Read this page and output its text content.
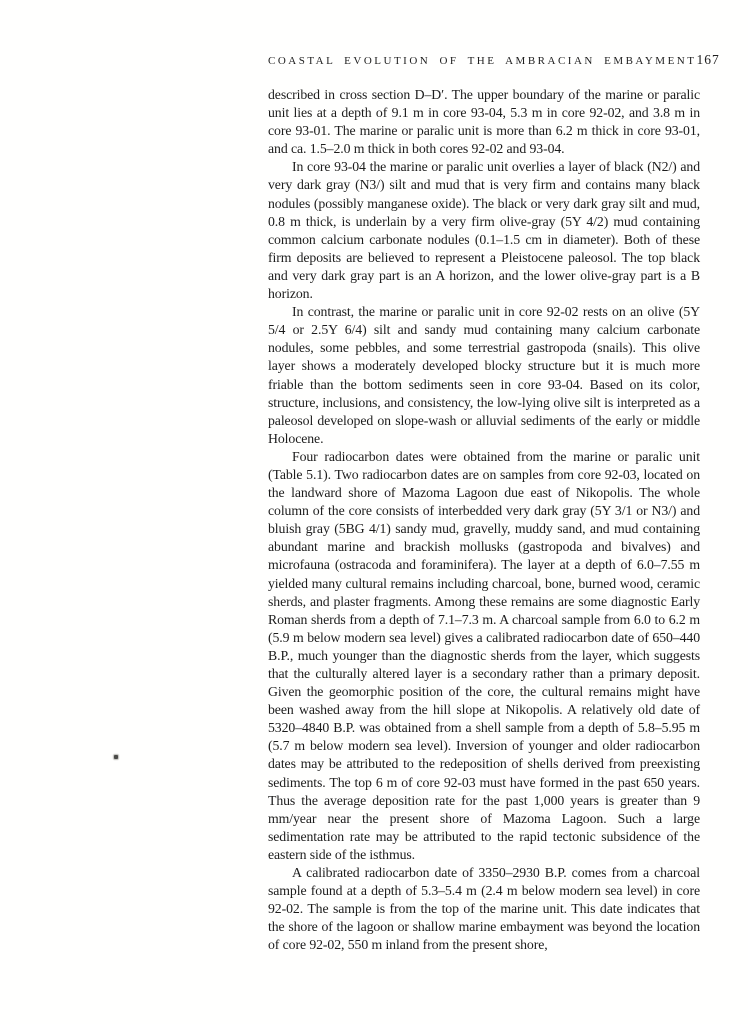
COASTAL EVOLUTION OF THE AMBRACIAN EMBAYMENT 167

described in cross section D–D′. The upper boundary of the marine or paralic unit lies at a depth of 9.1 m in core 93-04, 5.3 m in core 92-02, and 3.8 m in core 93-01. The marine or paralic unit is more than 6.2 m thick in core 93-01, and ca. 1.5–2.0 m thick in both cores 92-02 and 93-04.

In core 93-04 the marine or paralic unit overlies a layer of black (N2/) and very dark gray (N3/) silt and mud that is very firm and contains many black nodules (possibly manganese oxide). The black or very dark gray silt and mud, 0.8 m thick, is underlain by a very firm olive-gray (5Y 4/2) mud containing common calcium carbonate nodules (0.1–1.5 cm in diameter). Both of these firm deposits are believed to represent a Pleistocene paleosol. The top black and very dark gray part is an A horizon, and the lower olive-gray part is a B horizon.

In contrast, the marine or paralic unit in core 92-02 rests on an olive (5Y 5/4 or 2.5Y 6/4) silt and sandy mud containing many calcium carbonate nodules, some pebbles, and some terrestrial gastropoda (snails). This olive layer shows a moderately developed blocky structure but it is much more friable than the bottom sediments seen in core 93-04. Based on its color, structure, inclusions, and consistency, the low-lying olive silt is interpreted as a paleosol developed on slope-wash or alluvial sediments of the early or middle Holocene.

Four radiocarbon dates were obtained from the marine or paralic unit (Table 5.1). Two radiocarbon dates are on samples from core 92-03, located on the landward shore of Mazoma Lagoon due east of Nikopolis. The whole column of the core consists of interbedded very dark gray (5Y 3/1 or N3/) and bluish gray (5BG 4/1) sandy mud, gravelly, muddy sand, and mud containing abundant marine and brackish mollusks (gastropoda and bivalves) and microfauna (ostracoda and foraminifera). The layer at a depth of 6.0–7.55 m yielded many cultural remains including charcoal, bone, burned wood, ceramic sherds, and plaster fragments. Among these remains are some diagnostic Early Roman sherds from a depth of 7.1–7.3 m. A charcoal sample from 6.0 to 6.2 m (5.9 m below modern sea level) gives a calibrated radiocarbon date of 650–440 B.P., much younger than the diagnostic sherds from the layer, which suggests that the culturally altered layer is a secondary rather than a primary deposit. Given the geomorphic position of the core, the cultural remains might have been washed away from the hill slope at Nikopolis. A relatively old date of 5320–4840 B.P. was obtained from a shell sample from a depth of 5.8–5.95 m (5.7 m below modern sea level). Inversion of younger and older radiocarbon dates may be attributed to the redeposition of shells derived from preexisting sediments. The top 6 m of core 92-03 must have formed in the past 650 years. Thus the average deposition rate for the past 1,000 years is greater than 9 mm/year near the present shore of Mazoma Lagoon. Such a large sedimentation rate may be attributed to the rapid tectonic subsidence of the eastern side of the isthmus.

A calibrated radiocarbon date of 3350–2930 B.P. comes from a charcoal sample found at a depth of 5.3–5.4 m (2.4 m below modern sea level) in core 92-02. The sample is from the top of the marine unit. This date indicates that the shore of the lagoon or shallow marine embayment was beyond the location of core 92-02, 550 m inland from the present shore,
